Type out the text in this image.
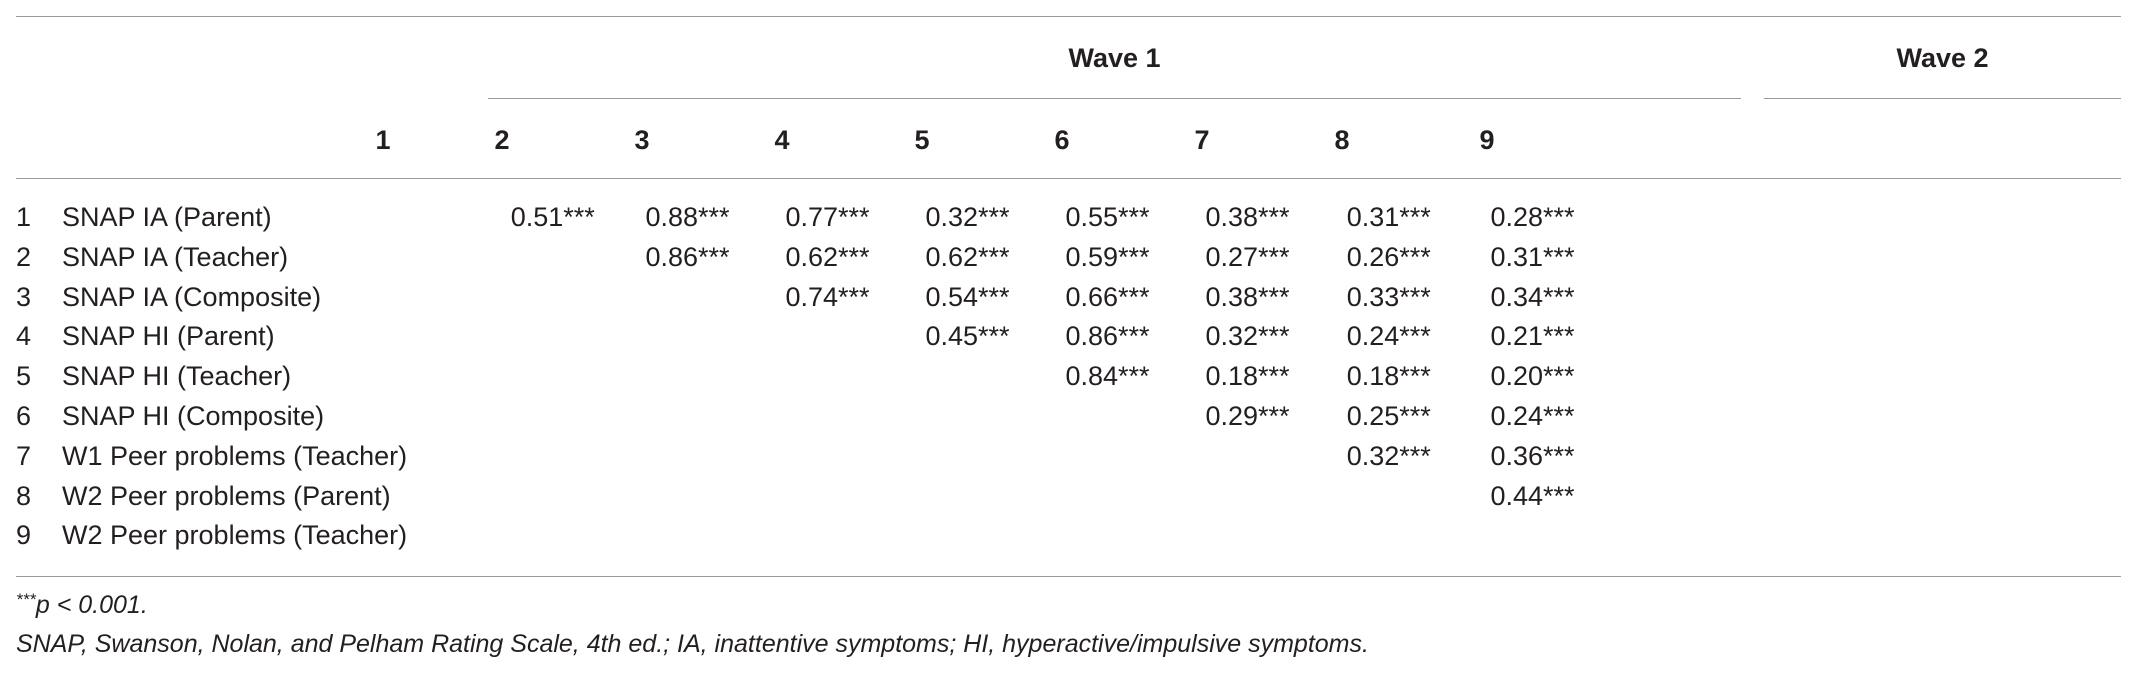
Wave 1	Wave 2
1	2	3	4	5	6	7	8	9
1	SNAP IA (Parent)		0.51***	0.88***	0.77***	0.32***	0.55***	0.38***	0.31***	0.28***
2	SNAP IA (Teacher)			0.86***	0.62***	0.62***	0.59***	0.27***	0.26***	0.31***
3	SNAP IA (Composite)				0.74***	0.54***	0.66***	0.38***	0.33***	0.34***
4	SNAP HI (Parent)					0.45***	0.86***	0.32***	0.24***	0.21***
5	SNAP HI (Teacher)						0.84***	0.18***	0.18***	0.20***
6	SNAP HI (Composite)							0.29***	0.25***	0.24***
7	W1 Peer problems (Teacher)								0.32***	0.36***
8	W2 Peer problems (Parent)									0.44***
9	W2 Peer problems (Teacher)									
***p < 0.001.
SNAP, Swanson, Nolan, and Pelham Rating Scale, 4th ed.; IA, inattentive symptoms; HI, hyperactive/impulsive symptoms.
